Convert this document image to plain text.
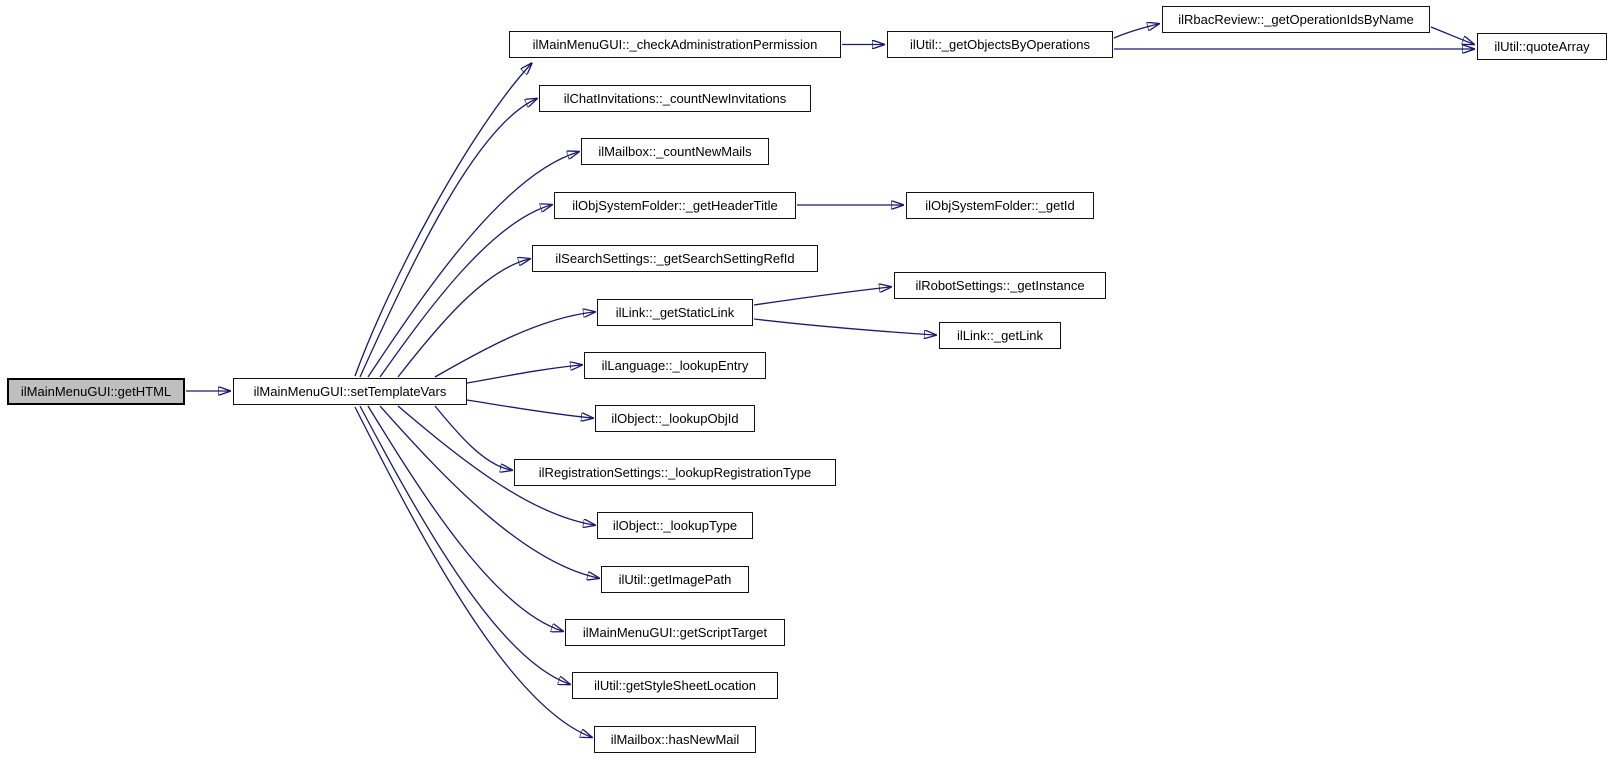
ilMainMenuGUI::getHTML	ilMainMenuGUI::setTemplateVars
ilMainMenuGUI::_checkAdministrationPermission
ilChatInvitations::_countNewInvitations
ilMailbox::_countNewMails
ilObjSystemFolder::_getHeaderTitle
ilSearchSettings::_getSearchSettingRefId
ilLink::_getStaticLink
ilLanguage::_lookupEntry
ilObject::_lookupObjId
ilRegistrationSettings::_lookupRegistrationType
ilObject::_lookupType
ilUtil::getImagePath
ilMainMenuGUI::getScriptTarget
ilUtil::getStyleSheetLocation
ilMailbox::hasNewMail
ilUtil::_getObjectsByOperations
ilObjSystemFolder::_getId
ilRobotSettings::_getInstance
ilLink::_getLink
ilRbacReview::_getOperationIdsByName
ilUtil::quoteArray
